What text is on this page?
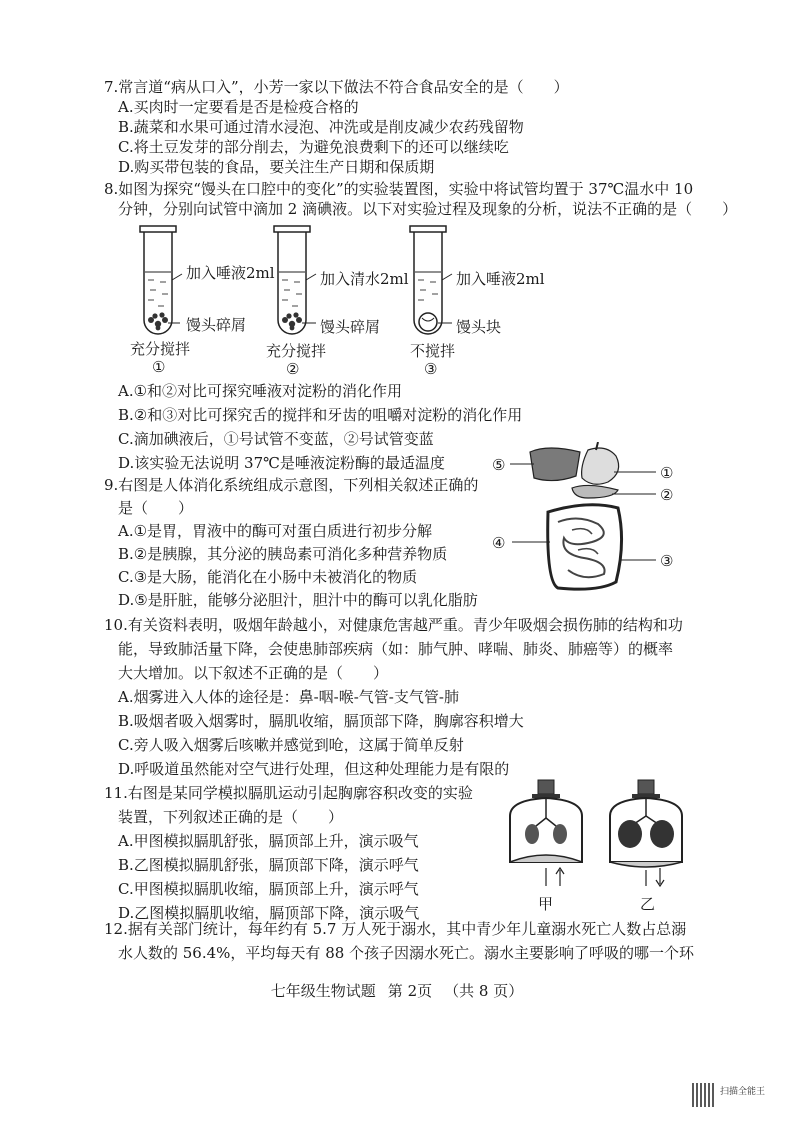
7.常言道“病从口入”，小芳一家以下做法不符合食品安全的是（　　）
A.买肉时一定要看是否是检疫合格的
B.蔬菜和水果可通过清水浸泡、冲洗或是削皮减少农药残留物
C.将土豆发芽的部分削去，为避免浪费剩下的还可以继续吃
D.购买带包装的食品，要关注生产日期和保质期
8.如图为探究“馒头在口腔中的变化”的实验装置图，实验中将试管均置于 37℃温水中 10
分钟，分别向试管中滴加 2 滴碘液。以下对实验过程及现象的分析，说法不正确的是（　　）
加入唾液2ml
馒头碎屑
充分搅拌
①
加入清水2ml
馒头碎屑
充分搅拌
②
加入唾液2ml
馒头块
不搅拌
③
A.①和②对比可探究唾液对淀粉的消化作用
B.②和③对比可探究舌的搅拌和牙齿的咀嚼对淀粉的消化作用
C.滴加碘液后，①号试管不变蓝，②号试管变蓝
D.该实验无法说明 37℃是唾液淀粉酶的最适温度
9.右图是人体消化系统组成示意图，下列相关叙述正确的
是（　　）
A.①是胃，胃液中的酶可对蛋白质进行初步分解
B.②是胰腺，其分泌的胰岛素可消化多种营养物质
C.③是大肠，能消化在小肠中未被消化的物质
D.⑤是肝脏，能够分泌胆汁，胆汁中的酶可以乳化脂肪
⑤	①
②
④
③
10.有关资料表明，吸烟年龄越小，对健康危害越严重。青少年吸烟会损伤肺的结构和功
能，导致肺活量下降，会使患肺部疾病（如：肺气肿、哮喘、肺炎、肺癌等）的概率
大大增加。以下叙述不正确的是（　　）
A.烟雾进入人体的途径是：鼻-咽-喉-气管-支气管-肺
B.吸烟者吸入烟雾时，膈肌收缩，膈顶部下降，胸廓容积增大
C.旁人吸入烟雾后咳嗽并感觉到呛，这属于简单反射
D.呼吸道虽然能对空气进行处理，但这种处理能力是有限的
11.右图是某同学模拟膈肌运动引起胸廓容积改变的实验
装置，下列叙述正确的是（　　）
A.甲图模拟膈肌舒张，膈顶部上升，演示吸气
B.乙图模拟膈肌舒张，膈顶部下降，演示呼气
C.甲图模拟膈肌收缩，膈顶部上升，演示呼气
D.乙图模拟膈肌收缩，膈顶部下降，演示吸气	甲	乙
12.据有关部门统计，每年约有 5.7 万人死于溺水，其中青少年儿童溺水死亡人数占总溺
水人数的 56.4%，平均每天有 88 个孩子因溺水死亡。溺水主要影响了呼吸的哪一个环
七年级生物试题 第 2页 （共 8 页）
扫描全能王
